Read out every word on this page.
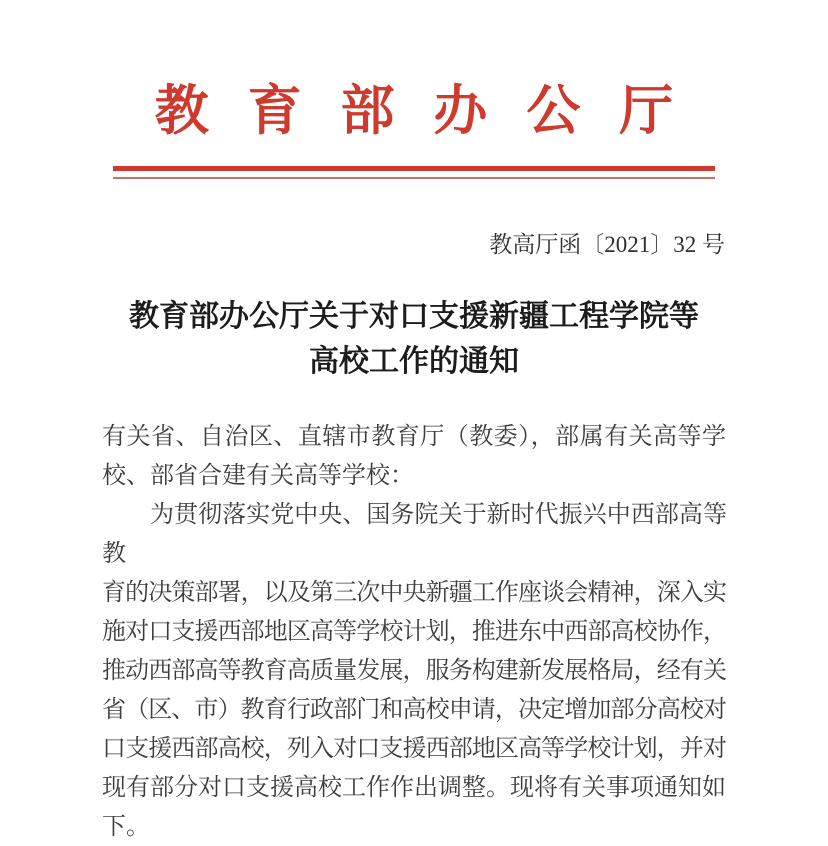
教育部办公厅
教高厅函〔2021〕32 号
教育部办公厅关于对口支援新疆工程学院等
高校工作的通知
有关省、自治区、直辖市教育厅（教委），部属有关高等学
校、部省合建有关高等学校：
为贯彻落实党中央、国务院关于新时代振兴中西部高等教
育的决策部署，以及第三次中央新疆工作座谈会精神，深入实
施对口支援西部地区高等学校计划，推进东中西部高校协作，
推动西部高等教育高质量发展，服务构建新发展格局，经有关
省（区、市）教育行政部门和高校申请，决定增加部分高校对
口支援西部高校，列入对口支援西部地区高等学校计划，并对
现有部分对口支援高校工作作出调整。现将有关事项通知如
下。
